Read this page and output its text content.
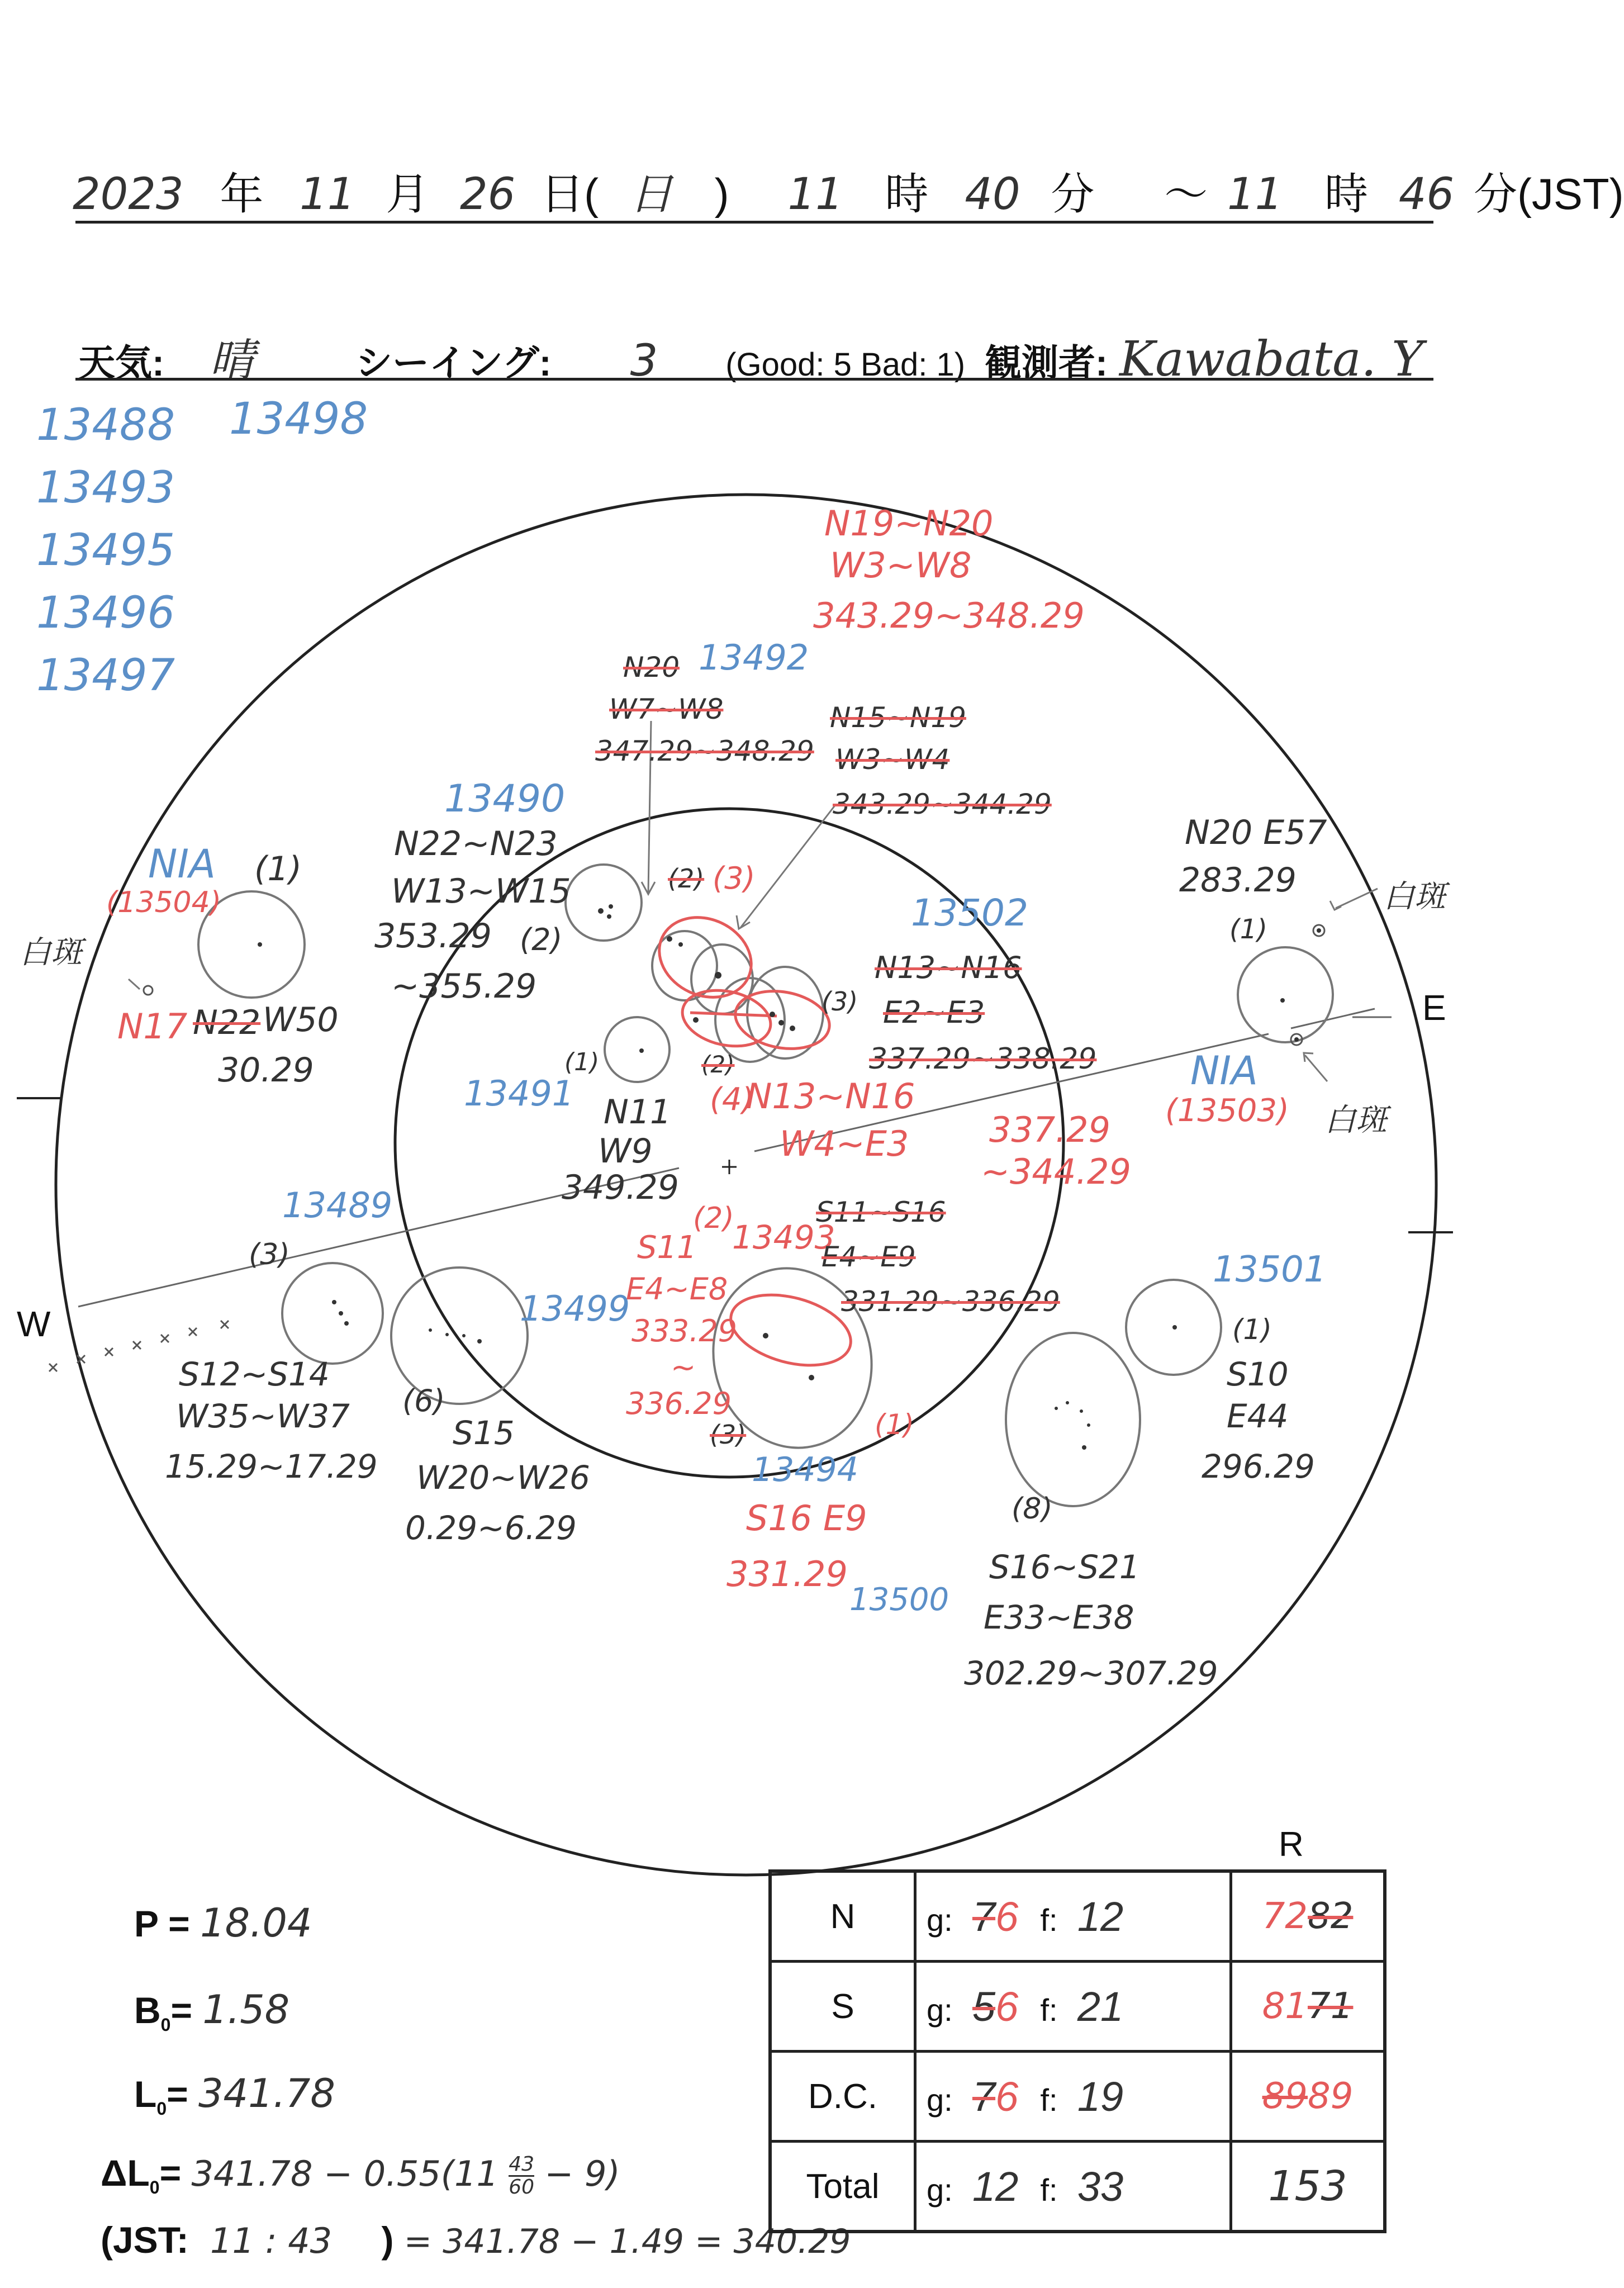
2023 年 11 月 26 日( 日 ) 11 時 40 分 ～ 11 時 46 分(JST)
天気: 晴	シーイング: 3 (Good: 5 Bad: 1) 観測者: Kawabata. Y
13488
13493
13495
13496
13497
13498
W
E
NIA (1)
(13504)
白斑
N17 N22 W50
30.29
13490
N22~N23
W13~W15
353.29
~355.29
(2)
N20 13492
W7~W8
347.29~348.29
(2) (3)
N19~N20
W3~W8
343.29~348.29
N15~N19
W3~W4
343.29~344.29
13502
N13~N16
E2~E3
337.29~338.29
(3)
(2)
(4)
N13~N16
W4~E3 337.29
~344.29
N20 E57
283.29	白斑
(1)
NIA
(13503) 白斑
13491
(1)
N11
W9
349.29
13489
(3)
S12~S14
W35~W37
15.29~17.29
13499
(6)
S15
W20~W26
0.29~6.29
(2)
S11 13493
E4~E8
333.29
~
336.29
S11~S16
E4~E9
331.29~336.29
(3)	(1)
13494
S16 E9
331.29
13500
13501
(1)
S10
E44
296.29
(8)
S16~S21
E33~E38
302.29~307.29
P = 18.04
$B_0= 1.58$
$L_0= 341.78$
$\Delta L_0= 341.78 - 0.55(11 \frac{43}{60} - 9)$
(JST: 11 : 43 ) = 341.78 − 1.49 = 340.29
R
N	g: 76 f: 12	7282
S	g: 56 f: 21	8171
D.C.	g: 76 f: 19	8989
Total	g: 12 f: 33	153
